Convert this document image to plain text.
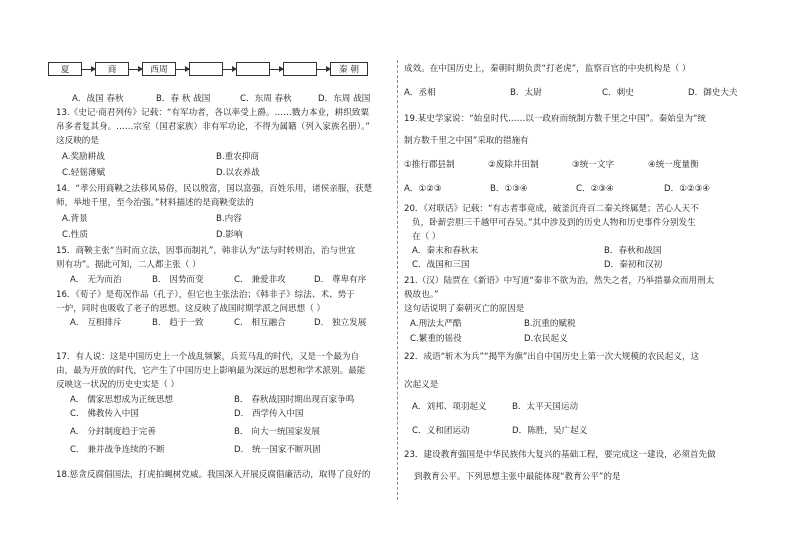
夏	商	西周	秦 朝
A．战国 春秋	B．春 秋 战国	C．东周 春秋	D．东周 战国
13.《史记·商君列传》记载：“有军功者，各以率受上爵。……戮力本业，耕织致粟
帛多者复其身。……宗室（国君家族）非有军功论，不得为属籍（列入家族名册）。”
这反映的是
A.奖励耕战	B.重农抑商
C.轻徭薄赋	D.以农养战
14．“孝公用商鞅之法移风易俗，民以殷富，国以富强，百姓乐用，诸侯亲服，获楚
师，举地千里，至今治强。”材料描述的是商鞅变法的
A.背景	B.内容
C.性质	D.影响
15．商鞅主张“当时而立法，因事而制礼”，韩非认为“法与时转则治，治与世宜
则有功”。据此可知，二人都主张（ ）
A． 无为而治	B． 因势而变	C． 兼爱非攻	D． 尊卑有序
16．《荀子》是荀况作品（孔子），但它也主张法治；《韩非子》综法、术、势于
一炉，同时也吸收了老子的思想。这反映了战国时期学派之间思想（ ）
A． 互相排斥	B． 趋于一致	C． 相互融合	D． 独立发展
17．有人说：这是中国历史上一个战乱频繁，兵荒马乱的时代，又是一个最为自
由，最为开放的时代，它产生了中国历史上影响最为深远的思想和学术派别。最能
反映这一状况的历史史实是（ ）
A． 儒家思想成为正统思想	B． 春秋战国时期出现百家争鸣
C． 佛教传入中国	D． 西学传入中国
A． 分封制度趋于完善	B． 向大一统国家发展
C． 兼并战争连续的不断	D． 统一国家不断巩固
18.惩贪反腐倡国法，打虎拍蝇树党威。我国深入开展反腐倡廉活动，取得了良好的
成效。在中国历史上，秦朝时期负责“打老虎”，监察百官的中央机构是（ ）
A．丞相	B．太尉	C．刺史	D．御史大夫
19.某史学家说：“始皇时代……以一政府而统制方数千里之中国”。秦始皇为“统
制方数千里之中国”采取的措施有
①推行郡县制	②废除井田制	③统一文字	④统一度量衡
A．①②③	B．①③④	C．②③④	D．①②③④
20．《对联话》记载：“有志者事竟成，破釜沉舟百二秦关终属楚；苦心人天不
负，卧薪尝胆三千越甲可吞吴。”其中涉及到的历史人物和历史事件分别发生
在（ ）
A．秦末和春秋末	B．春秋和战国
C．战国和三国	D．秦初和汉初
21.（汉）陆贾在《新语》中写道“秦非不欲为治，然失之者，乃举措暴众而用刑太
极故也。”
这句话说明了秦朝灭亡的原因是
A.刑法太严酷	B.沉重的赋税
C.繁重的徭役	D.农民起义
22．成语“斩木为兵”“揭竿为旗”出自中国历史上第一次大规模的农民起义，这
次起义是
A．刘邦、项羽起义	B．太平天国运动
C．义和团运动	D．陈胜，吴广起义
23．建设教育强国是中华民族伟大复兴的基础工程，要完成这一建设，必须首先做
到教育公平。下列思想主张中最能体现“教育公平”的是
